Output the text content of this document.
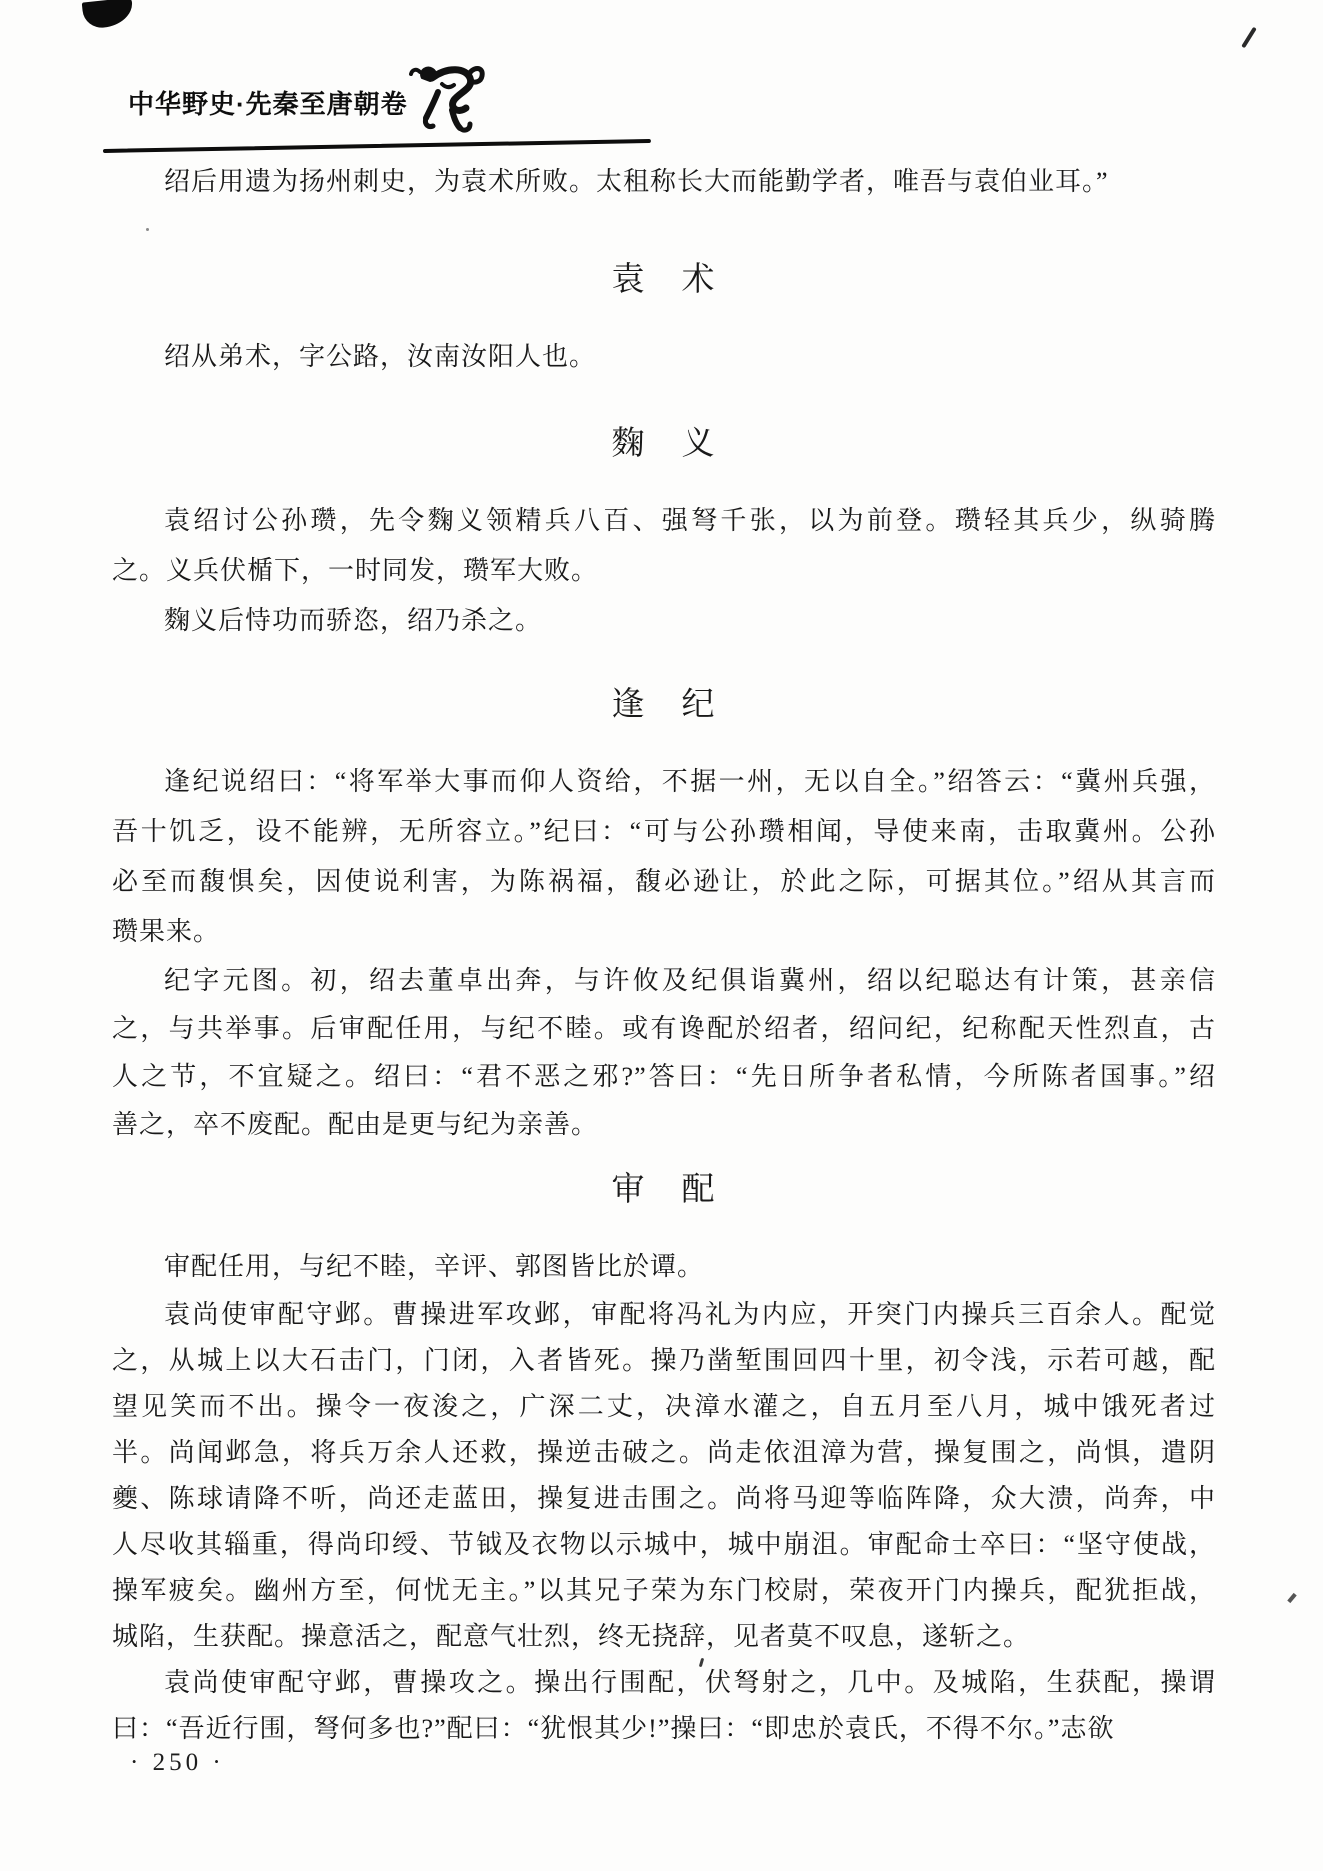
中华野史·先秦至唐朝卷
绍后用遗为扬州刺史，为袁术所败。太租称长大而能勤学者，唯吾与袁伯业耳。”
袁　术
绍从弟术，字公路，汝南汝阳人也。
麴　义
袁绍讨公孙瓒，先令麴义领精兵八百、强弩千张，以为前登。瓒轻其兵少，纵骑腾
之。义兵伏楯下，一时同发，瓒军大败。
麴义后恃功而骄恣，绍乃杀之。
逢　纪
逢纪说绍曰：“将军举大事而仰人资给，不据一州，无以自全。”绍答云：“冀州兵强，
吾十饥乏，设不能辨，无所容立。”纪曰：“可与公孙瓒相闻，导使来南，击取冀州。公孙
必至而馥惧矣，因使说利害，为陈祸福，馥必逊让，於此之际，可据其位。”绍从其言而
瓒果来。
纪字元图。初，绍去董卓出奔，与许攸及纪俱诣冀州，绍以纪聪达有计策，甚亲信
之，与共举事。后审配任用，与纪不睦。或有谗配於绍者，绍问纪，纪称配天性烈直，古
人之节，不宜疑之。绍曰：“君不恶之邪?”答曰：“先日所争者私情，今所陈者国事。”绍
善之，卒不废配。配由是更与纪为亲善。
审　配
审配任用，与纪不睦，辛评、郭图皆比於谭。
袁尚使审配守邺。曹操进军攻邺，审配将冯礼为内应，开突门内操兵三百余人。配觉
之，从城上以大石击门，门闭，入者皆死。操乃凿堑围回四十里，初令浅，示若可越，配
望见笑而不出。操令一夜浚之，广深二丈，决漳水灌之，自五月至八月，城中饿死者过
半。尚闻邺急，将兵万余人还救，操逆击破之。尚走依沮漳为营，操复围之，尚惧，遣阴
夔、陈球请降不听，尚还走蓝田，操复进击围之。尚将马迎等临阵降，众大溃，尚奔，中
人尽收其辎重，得尚印绶、节钺及衣物以示城中，城中崩沮。审配命士卒曰：“坚守使战，
操军疲矣。幽州方至，何忧无主。”以其兄子荣为东门校尉，荣夜开门内操兵，配犹拒战，
城陷，生获配。操意活之，配意气壮烈，终无挠辞，见者莫不叹息，遂斩之。
袁尚使审配守邺，曹操攻之。操出行围配，伏弩射之，几中。及城陷，生获配，操谓
曰：“吾近行围，弩何多也?”配曰：“犹恨其少!”操曰：“即忠於袁氏，不得不尔。”志欲
· 250 ·
